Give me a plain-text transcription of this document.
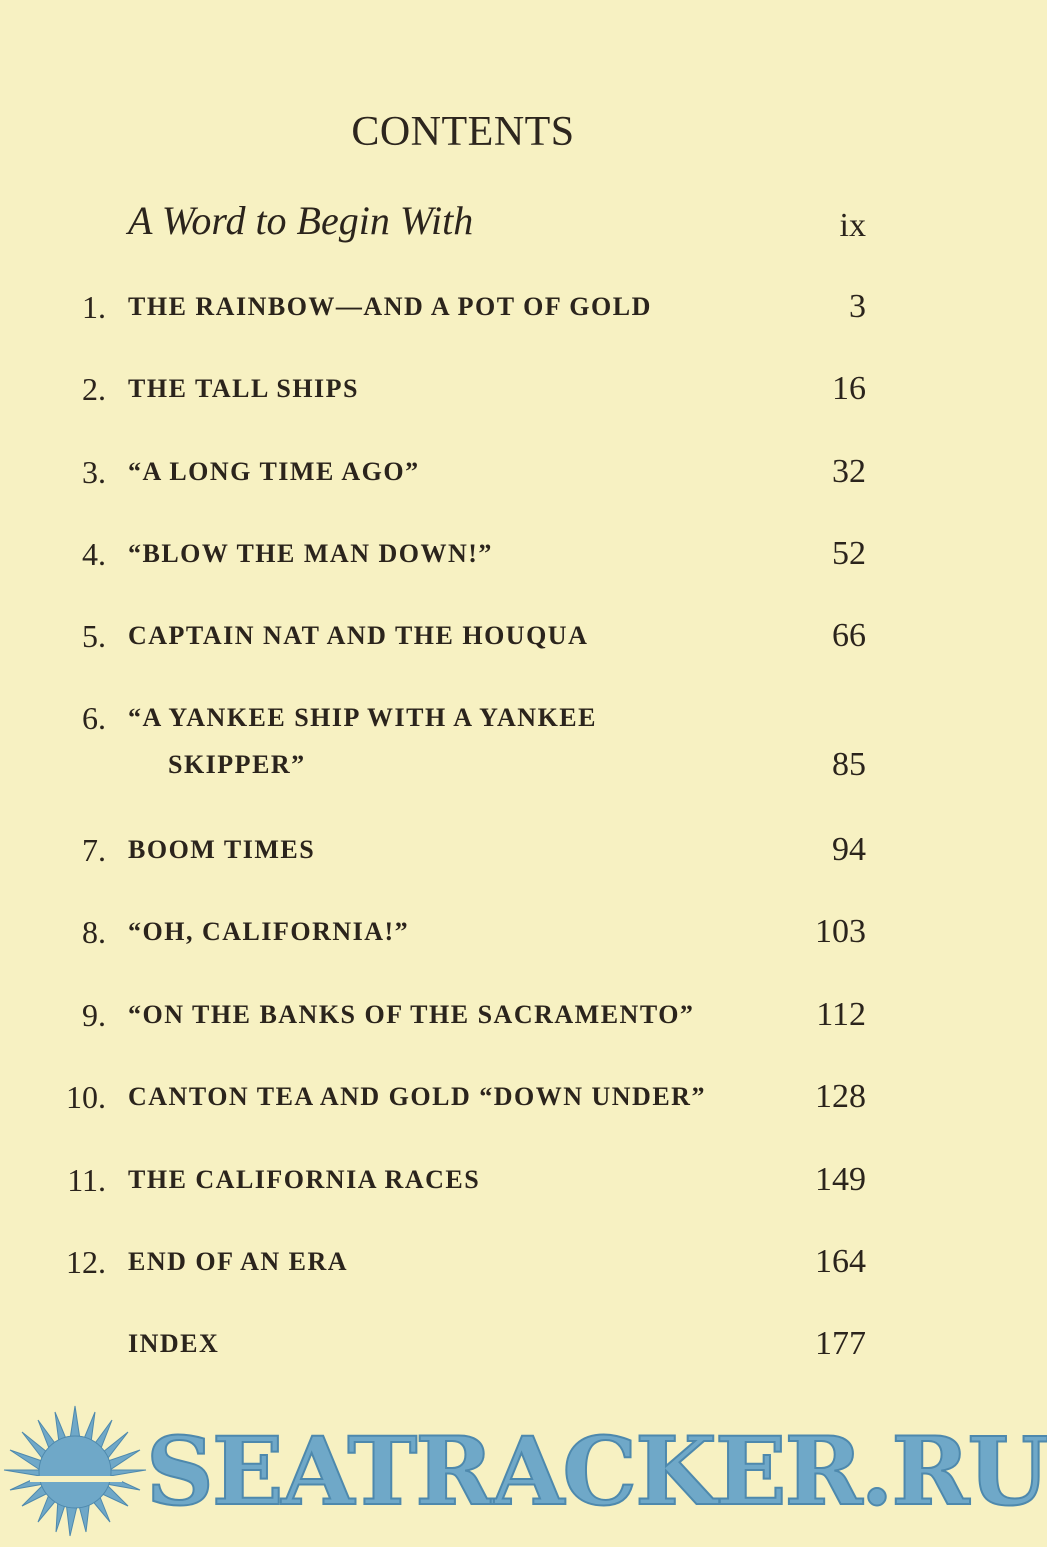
CONTENTS
A Word to Begin With	ix
1. THE RAINBOW—AND A POT OF GOLD	3
2. THE TALL SHIPS	16
3. “A LONG TIME AGO”	32
4. “BLOW THE MAN DOWN!”	52
5. CAPTAIN NAT AND THE HOUQUA	66
6. “A YANKEE SHIP WITH A YANKEE
SKIPPER”	85
7. BOOM TIMES	94
8. “OH, CALIFORNIA!”	103
9. “ON THE BANKS OF THE SACRAMENTO”	112
10. CANTON TEA AND GOLD “DOWN UNDER”	128
11. THE CALIFORNIA RACES	149
12. END OF AN ERA	164
INDEX	177
SEATRACKER.RU
